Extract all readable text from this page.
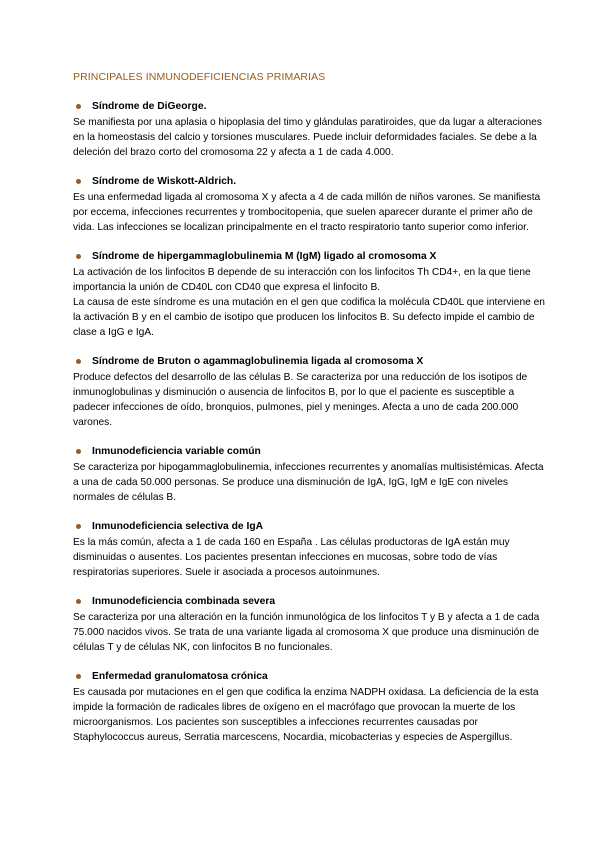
PRINCIPALES INMUNODEFICIENCIAS PRIMARIAS
Síndrome de DiGeorge.

Se manifiesta por una aplasia o hipoplasia del timo y glándulas paratiroides, que da lugar a alteraciones en la homeostasis del calcio y torsiones musculares. Puede incluir deformidades faciales. Se debe a la deleción del brazo corto del cromosoma 22 y afecta a 1 de cada 4.000.

Síndrome de Wiskott-Aldrich.

Es una enfermedad ligada al cromosoma X y afecta a 4 de cada millón de niños varones. Se manifiesta por eccema, infecciones recurrentes y trombocitopenia, que suelen aparecer durante el primer año de vida. Las infecciones se localizan principalmente en el tracto respiratorio tanto superior como inferior.

Síndrome de hipergammaglobulinemia M (IgM) ligado al cromosoma X

La activación de los linfocitos B depende de su interacción con los linfocitos Th CD4+, en la que tiene importancia la unión de CD40L con CD40 que expresa el linfocito B.

La causa de este síndrome es una mutación en el gen que codifica la molécula CD40L que interviene en la activación B y en el cambio de isotipo que producen los linfocitos B. Su defecto impide el cambio de clase a IgG e IgA.

Síndrome de Bruton o agammaglobulinemia ligada al cromosoma X

Produce defectos del desarrollo de las células B. Se caracteriza por una reducción de los isotipos de inmunoglobulinas y disminución o ausencia de linfocitos B, por lo que el paciente es susceptible a padecer infecciones de oído, bronquios, pulmones, piel y meninges. Afecta a uno de cada 200.000 varones.

Inmunodeficiencia variable común

Se caracteriza por hipogammaglobulinemia, infecciones recurrentes y anomalías multisistémicas. Afecta a una de cada 50.000 personas. Se produce una disminución de IgA, IgG, IgM e IgE con niveles normales de células B.

Inmunodeficiencia selectiva de IgA

Es la más común, afecta a 1 de cada 160 en España . Las células productoras de IgA están muy disminuidas o ausentes. Los pacientes presentan infecciones en mucosas, sobre todo de vías respiratorias superiores. Suele ir asociada a procesos autoinmunes.

Inmunodeficiencia combinada severa

Se caracteriza por una alteración en la función inmunológica de los linfocitos T y B y afecta a 1 de cada 75.000 nacidos vivos. Se trata de una variante ligada al cromosoma X que produce una disminución de células T y de células NK, con linfocitos B no funcionales.

Enfermedad granulomatosa crónica

Es causada por mutaciones en el gen que codifica la enzima NADPH oxidasa. La deficiencia de la esta impide la formación de radicales libres de oxígeno en el macrófago que provocan la muerte de los microorganismos. Los pacientes son susceptibles a infecciones recurrentes causadas por Staphylococcus aureus, Serratia marcescens, Nocardia, micobacterias y especies de Aspergillus.
